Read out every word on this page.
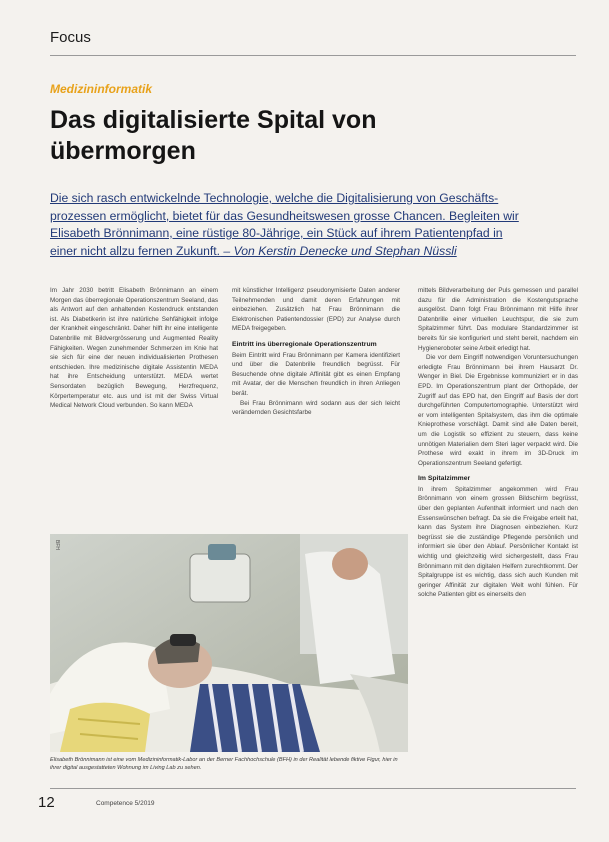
Focus
Medizininformatik
Das digitalisierte Spital von
übermorgen
Die sich rasch entwickelnde Technologie, welche die Digitalisierung von Geschäfts-
prozessen ermöglicht, bietet für das Gesundheitswesen grosse Chancen. Begleiten wir
Elisabeth Brönnimann, eine rüstige 80-Jährige, ein Stück auf ihrem Patientenpfad in
einer nicht allzu fernen Zukunft. – Von Kerstin Denecke und Stephan Nüssli

Im Jahr 2030 betritt Elisabeth Brönnimann an einem Morgen das überregionale Operationszentrum Seeland, das als Antwort auf den anhaltenden Kostendruck entstanden ist. Als Diabetikerin ist ihre natürliche Sehfähigkeit infolge der Krankheit eingeschränkt. Daher hilft ihr eine intelligente Datenbrille mit Bildvergrösserung und Augmented Reality Fähigkeiten. Wegen zunehmender Schmerzen im Knie hat sie sich für eine der neuen individualisierten Prothesen entschieden. Ihre medizinische digitale Assistentin MEDA hat ihre Entscheidung unterstützt. MEDA wertet Sensordaten bezüglich Bewegung, Herzfrequenz, Körpertemperatur etc. aus und ist mit der Swiss Virtual Medical Network Cloud verbunden. So kann MEDA

mit künstlicher Intelligenz pseudonymisierte Daten anderer Teilnehmenden und damit deren Erfahrungen mit einbeziehen. Zusätzlich hat Frau Brönnimann die Elektronischen Patientendossier (EPD) zur Analyse durch MEDA freigegeben.

Eintritt ins überregionale Operationszentrum

Beim Eintritt wird Frau Brönnimann per Kamera identifiziert und über die Datenbrille freundlich begrüsst. Für Besuchende ohne digitale Affinität gibt es einen Empfang mit Avatar, der die Menschen freundlich in ihren Anliegen berät.

Bei Frau Brönnimann wird sodann aus der sich leicht verändernden Gesichtsfarbe

mittels Bildverarbeitung der Puls gemessen und parallel dazu für die Administration die Kostengutsprache ausgelöst. Dann folgt Frau Brönnimann mit Hilfe ihrer Datenbrille einer virtuellen Leuchtspur, die sie zum Spitalzimmer führt. Das modulare Standardzimmer ist bereits für sie konfiguriert und steht bereit, nachdem ein Hygieneroboter seine Arbeit erledigt hat.

Die vor dem Eingriff notwendigen Voruntersuchungen erledigte Frau Brönnimann bei ihrem Hausarzt Dr. Wenger in Biel. Die Ergebnisse kommuniziert er in das EPD. Im Operationszentrum plant der Orthopäde, der Zugriff auf das EPD hat, den Eingriff auf Basis der dort durchgeführten Computertomographie. Unterstützt wird er vom intelligenten Spitalsystem, das ihm die optimale Knieprothese vorschlägt. Damit sind alle Daten bereit, um die Logistik so effizient zu steuern, dass keine unnötigen Materialien dem Steri lager verpackt wird. Die Prothese wird exakt in ihrem im 3D-Druck im Operationszentrum Seeland gefertigt.

Im Spitalzimmer

In ihrem Spitalzimmer angekommen wird Frau Brönnimann von einem grossen Bildschirm begrüsst, über den geplanten Aufenthalt informiert und nach den Essenswünschen befragt. Da sie die Freigabe erteilt hat, kann das System ihre Diagnosen einbeziehen. Kurz begrüsst sie die zuständige Pflegende persönlich und informiert sie über den Ablauf. Persönlicher Kontakt ist wichtig und gleichzeitig wird sichergestellt, dass Frau Brönnimann mit den digitalen Helfern zurechtkommt. Der Spitalgruppe ist es wichtig, dass sich auch Kunden mit geringer Affinität zur digitalen Welt wohl fühlen. Für solche Patienten gibt es einerseits den

BFH
Elisabeth Brönnimann ist eine vom Medizininformatik-Labor an der Berner Fachhochschule (BFH) in der Realität lebende fiktive Figur, hier in ihrer digital ausgestatteten Wohnung im Living Lab zu sehen.
12	Competence 5/2019
